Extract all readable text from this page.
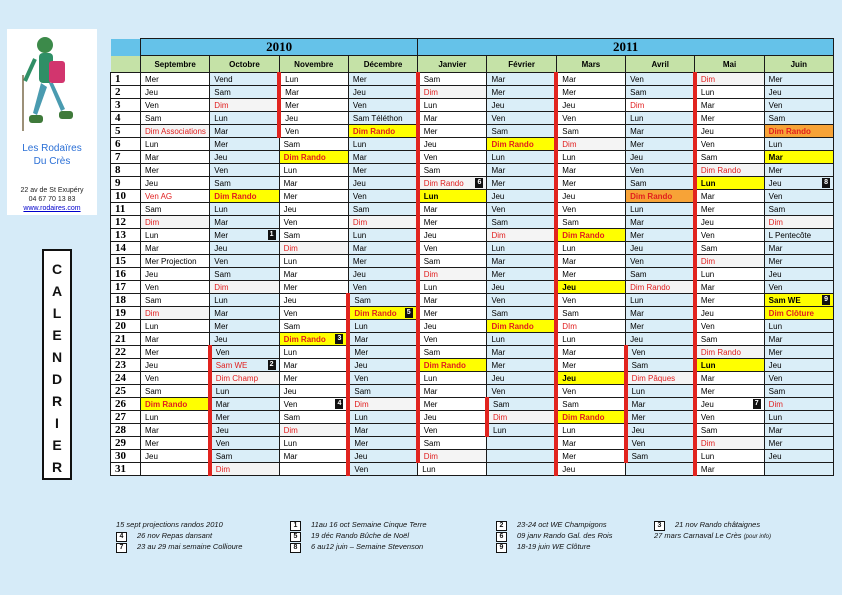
Les Rodaïres
Du Crès
22 av de St Exupéry
04 67 70 13 83
www.rodaires.com
C
A
L
E
N
D
R
I
E
R
	2010				2011					
	Septembre	Octobre	Novembre	Décembre	Janvier	Février	Mars	Avril	Mai	Juin
1	Mer	Vend	Lun	Mer	Sam	Mar	Mar	Ven	Dim	Mer
2	Jeu	Sam	Mar	Jeu	Dim	Mer	Mer	Sam	Lun	Jeu
3	Ven	Dim	Mer	Ven	Lun	Jeu	Jeu	Dim	Mar	Ven
4	Sam	Lun	Jeu	Sam Téléthon	Mar	Ven	Ven	Lun	Mer	Sam
5	Dim Associations	Mar	Ven	Dim Rando	Mer	Sam	Sam	Mar	Jeu	Dim Rando
6	Lun	Mer	Sam	Lun	Jeu	Dim Rando	Dim	Mer	Ven	Lun
7	Mar	Jeu	Dim Rando	Mar	Ven	Lun	Lun	Jeu	Sam	Mar
8	Mer	Ven	Lun	Mer	Sam	Mar	Mar	Ven	Dim Rando	Mer
9	Jeu	Sam	Mar	Jeu	Dim Rando 6	Mer	Mer	Sam	Lun	Jeu 8

10	Ven AG	Dim Rando	Mer	Ven	Lun	Jeu	Jeu	Dim Rando	Mar	Ven
11	Sam	Lun	Jeu	Sam	Mar	Ven	Ven	Lun	Mer	Sam
12	Dim	Mar	Ven	Dim	Mer	Sam	Sam	Mar	Jeu	Dim
13	Lun	Mer 1	Sam	Lun	Jeu	Dim	Dim Rando	Mer	Ven	L Pentecôte
14	Mar	Jeu	Dim	Mar	Ven	Lun	Lun	Jeu	Sam	Mar
15	Mer Projection	Ven	Lun	Mer	Sam	Mar	Mar	Ven	Dim	Mer
16	Jeu	Sam	Mar	Jeu	Dim	Mer	Mer	Sam	Lun	Jeu
17	Ven	Dim	Mer	Ven	Lun	Jeu	Jeu	Dim Rando	Mar	Ven
18	Sam	Lun	Jeu	Sam	Mar	Ven	Ven	Lun	Mer	Sam WE 9

19	Dim	Mar	Ven	Dim Rando 5	Mer	Sam	Sam	Mar	Jeu	Dim Clôture
20	Lun	Mer	Sam	Lun	Jeu	Dim Rando	DIm	Mer	Ven	Lun
21	Mar	Jeu	Dim Rando 3	Mar	Ven	Lun	Lun	Jeu	Sam	Mar
22	Mer	Ven	Lun	Mer	Sam	Mar	Mar	Ven	Dim Rando	Mer
23	Jeu	Sam WE 2	Mar	Jeu	Dim Rando	Mer	Mer	Sam	Lun	Jeu
24	Ven	Dim Champ	Mer	Ven	Lun	Jeu	Jeu	Dim Pâques	Mar	Ven
25	Sam	Lun	Jeu	Sam	Mar	Ven	Ven	Lun	Mer	Sam
26	Dim Rando	Mar	Ven 4	Dim	Mer	Sam	Sam	Mar	Jeu 7	Dim
27	Lun	Mer	Sam	Lun	Jeu	Dim	Dim Rando	Mer	Ven	Lun
28	Mar	Jeu	Dim	Mar	Ven	Lun	Lun	Jeu	Sam	Mar
29	Mer	Ven	Lun	Mer	Sam		Mar	Ven	Dim	Mer
30	Jeu	Sam	Mar	Jeu	Dim		Mer	Sam	Lun	Jeu
31		Dim		Ven	Lun		Jeu		Mar	
15 sept projections randos 2010
4 26 nov Repas dansant
7 23 au 29 mai semaine Collioure
1 11au 16 oct Semaine Cinque Terre
5 19 déc Rando Bûche de Noël
8 6 au12 juin – Semaine Stevenson
2 23-24 oct WE Champigons
6 09 janv Rando Gal. des Rois
9 18-19 juin WE Clôture
3 21 nov Rando châtaignes
27 mars Carnaval Le Crès (pour info)
